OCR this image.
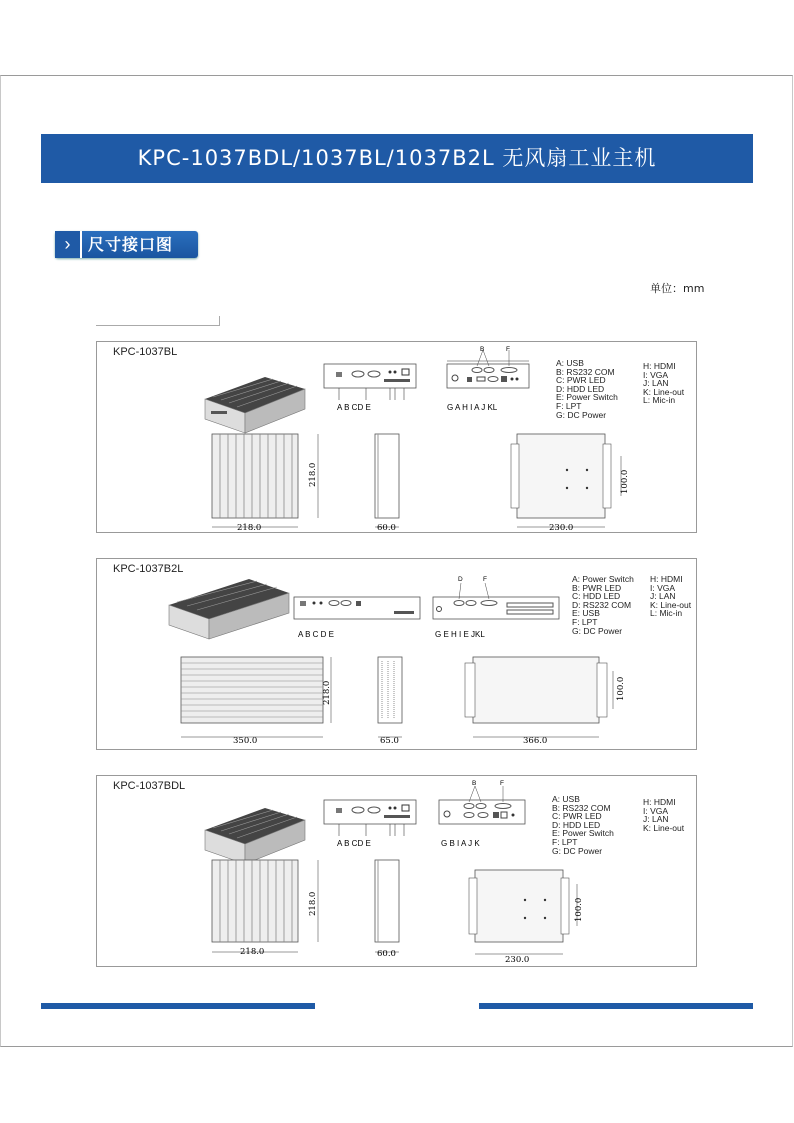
KPC-1037BDL/1037BL/1037B2L 无风扇工业主机
›	尺寸接口图
单位：mm
KPC-1037BL
A B CD E
B	F
G A H I A J KL
218.0
218.0
60.0	230.0
100.0
A: USB
B: RS232 COM
C: PWR LED
D: HDD LED
E: Power Switch
F: LPT
G: DC Power
H: HDMI
I: VGA
J: LAN
K: Line-out
L: Mic-in
KPC-1037B2L
A B C D E
D	F
G E H I E JKL
350.0
218.0
65.0	366.0
100.0
A: Power Switch
B: PWR LED
C: HDD LED
D: RS232 COM
E: USB
F: LPT
G: DC Power
H: HDMI
I: VGA
J: LAN
K: Line-out
L: Mic-in
KPC-1037BDL
A B CD E
B	F
G B I A J K
218.0
218.0
60.0
230.0
100.0
A: USB
B: RS232 COM
C: PWR LED
D: HDD LED
E: Power Switch
F: LPT
G: DC Power
H: HDMI
I: VGA
J: LAN
K: Line-out
